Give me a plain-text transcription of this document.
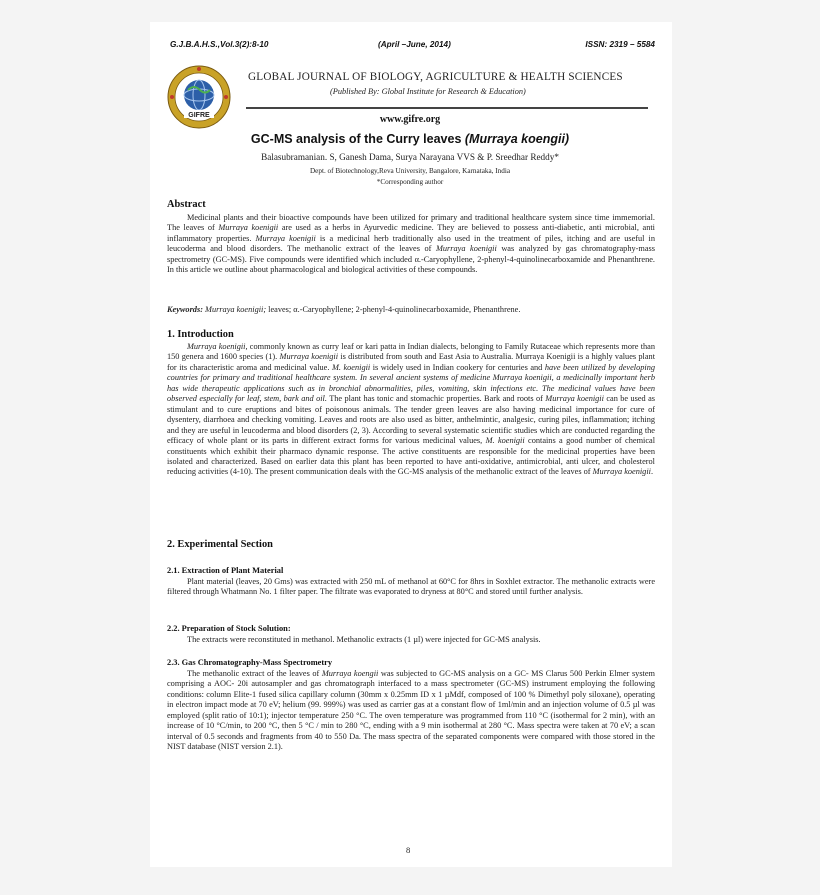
G.J.B.A.H.S.,Vol.3(2):8-10	(April –June, 2014)	ISSN: 2319 – 5584
GIFRE
GLOBAL JOURNAL OF BIOLOGY, AGRICULTURE & HEALTH SCIENCES
(Published By: Global Institute for Research & Education)
www.gifre.org
GC-MS analysis of the Curry leaves (Murraya koengii)
Balasubramanian. S, Ganesh Dama, Surya Narayana VVS & P. Sreedhar Reddy*
Dept. of Biotechnology,Reva University, Bangalore, Karnataka, India
*Corresponding author
Abstract
Medicinal plants and their bioactive compounds have been utilized for primary and traditional healthcare system since time immemorial. The leaves of Murraya koenigii are used as a herbs in Ayurvedic medicine. They are believed to possess anti-diabetic, anti microbial, anti inflammatory properties. Murraya koenigii is a medicinal herb traditionally also used in the treatment of piles, itching and are useful in leucoderma and blood disorders. The methanolic extract of the leaves of Murraya koenigii was analyzed by gas chromatography-mass spectrometry (GC-MS). Five compounds were identified which included α.-Caryophyllene, 2-phenyl-4-quinolinecarboxamide and Phenanthrene. In this article we outline about pharmacological and biological activities of these compounds.
Keywords: Murraya koenigii; leaves; α.-Caryophyllene; 2-phenyl-4-quinolinecarboxamide, Phenanthrene.
1. Introduction
Murraya koenigii, commonly known as curry leaf or kari patta in Indian dialects, belonging to Family Rutaceae which represents more than 150 genera and 1600 species (1). Murraya koenigii is distributed from south and East Asia to Australia. Murraya Koenigii is a highly values plant for its characteristic aroma and medicinal value. M. koenigii is widely used in Indian cookery for centuries and have been utilized by developing countries for primary and traditional healthcare system. In several ancient systems of medicine Murraya koenigii, a medicinally important herb has wide therapeutic applications such as in bronchial abnormalities, piles, vomiting, skin infections etc. The medicinal values have been observed especially for leaf, stem, bark and oil. The plant has tonic and stomachic properties. Bark and roots of Murraya koenigii can be used as stimulant and to cure eruptions and bites of poisonous animals. The tender green leaves are also having medicinal importance for cure of dysentery, diarrhoea and checking vomiting. Leaves and roots are also used as bitter, anthelmintic, analgesic, curing piles, inflammation; itching and they are useful in leucoderma and blood disorders (2, 3). According to several systematic scientific studies which are conducted regarding the efficacy of whole plant or its parts in different extract forms for various medicinal values, M. koenigii contains a good number of chemical constituents which exhibit their pharmaco dynamic response. The active constituents are responsible for the medicinal properties have been isolated and characterized. Based on earlier data this plant has been reported to have anti-oxidative, antimicrobial, anti ulcer, and cholesterol reducing activities (4-10). The present communication deals with the GC-MS analysis of the methanolic extract of the leaves of Murraya koenigii.
2. Experimental Section
2.1. Extraction of Plant Material
Plant material (leaves, 20 Gms) was extracted with 250 mL of methanol at 60°C for 8hrs in Soxhlet extractor. The methanolic extracts were filtered through Whatmann No. 1 filter paper. The filtrate was evaporated to dryness at 80°C and stored until further analysis.
2.2. Preparation of Stock Solution:
The extracts were reconstituted in methanol. Methanolic extracts (1 µl) were injected for GC-MS analysis.
2.3. Gas Chromatography-Mass Spectrometry
The methanolic extract of the leaves of Murraya koengii was subjected to GC-MS analysis on a GC- MS Clarus 500 Perkin Elmer system comprising a AOC- 20i autosampler and gas chromatograph interfaced to a mass spectrometer (GC-MS) instrument employing the following conditions: column Elite-1 fused silica capillary column (30mm x 0.25mm ID x 1 µMdf, composed of 100 % Dimethyl poly siloxane), operating in electron impact mode at 70 eV; helium (99. 999%) was used as carrier gas at a constant flow of 1ml/min and an injection volume of 0.5 µl was employed (split ratio of 10:1); injector temperature 250 °C. The oven temperature was programmed from 110 °C (isothermal for 2 min), with an increase of 10 °C/min, to 200 °C, then 5 °C / min to 280 °C, ending with a 9 min isothermal at 280 °C. Mass spectra were taken at 70 eV; a scan interval of 0.5 seconds and fragments from 40 to 550 Da. The mass spectra of the separated components were compared with those stored in the NIST database (NIST version 2.1).
8
